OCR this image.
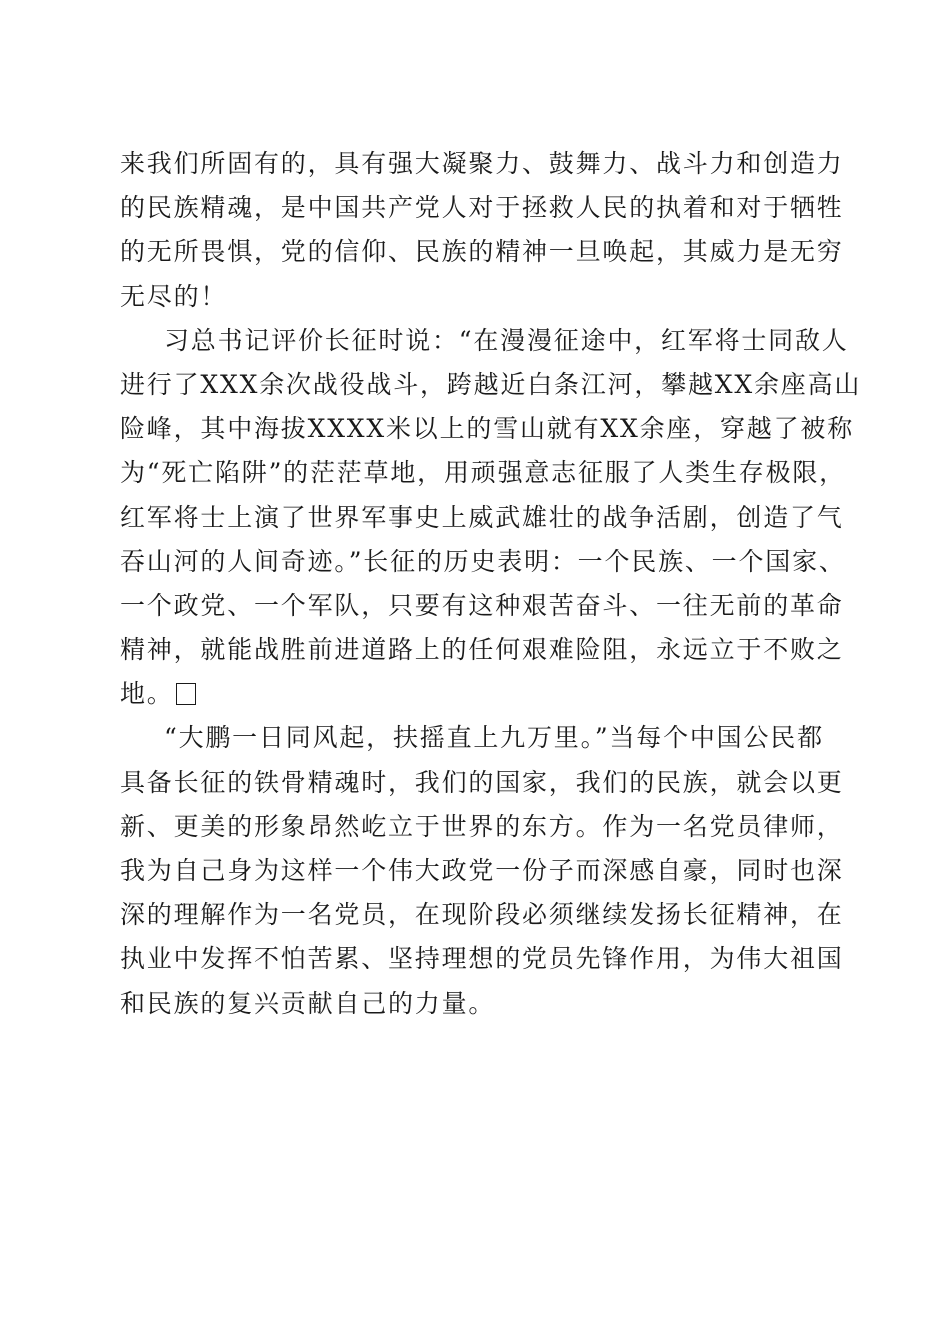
来我们所固有的，具有强大凝聚力、鼓舞力、战斗力和创造力
的民族精魂，是中国共产党人对于拯救人民的执着和对于牺牲
的无所畏惧，党的信仰、民族的精神一旦唤起，其威力是无穷
无尽的！
习总书记评价长征时说：“在漫漫征途中，红军将士同敌人
进行了XXX余次战役战斗，跨越近白条江河，攀越XX余座高山
险峰，其中海拔XXXX米以上的雪山就有XX余座，穿越了被称
为“死亡陷阱”的茫茫草地，用顽强意志征服了人类生存极限，
红军将士上演了世界军事史上威武雄壮的战争活剧，创造了气
吞山河的人间奇迹。”长征的历史表明：一个民族、一个国家、
一个政党、一个军队，只要有这种艰苦奋斗、一往无前的革命
精神，就能战胜前进道路上的任何艰难险阻，永远立于不败之
地。
“大鹏一日同风起，扶摇直上九万里。”当每个中国公民都
具备长征的铁骨精魂时，我们的国家，我们的民族，就会以更
新、更美的形象昂然屹立于世界的东方。作为一名党员律师，
我为自己身为这样一个伟大政党一份子而深感自豪，同时也深
深的理解作为一名党员，在现阶段必须继续发扬长征精神，在
执业中发挥不怕苦累、坚持理想的党员先锋作用，为伟大祖国
和民族的复兴贡献自己的力量。
